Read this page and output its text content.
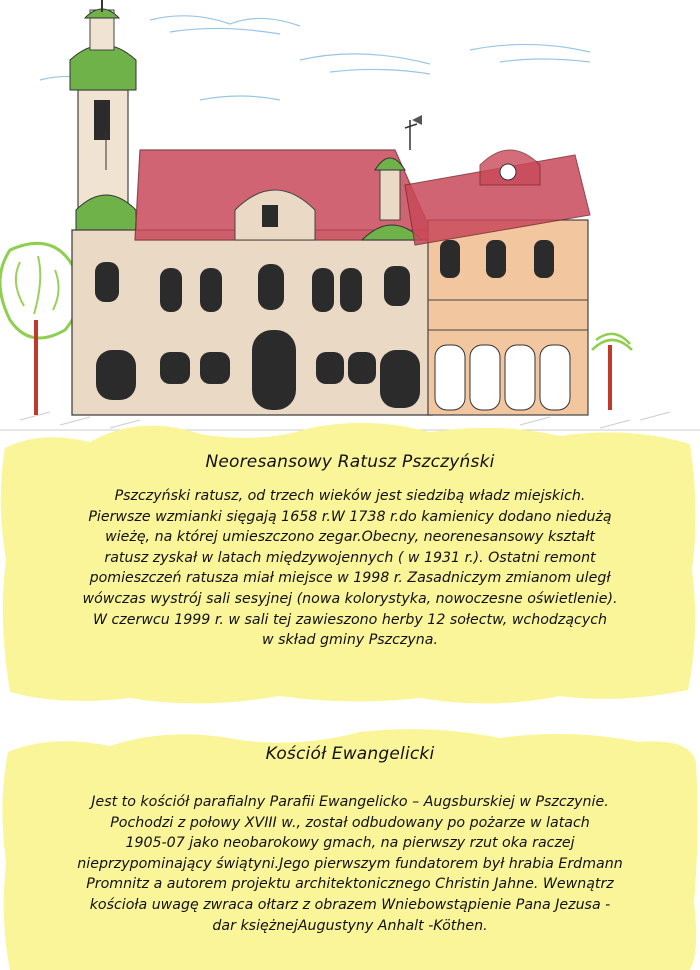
Neoresansowy Ratusz Pszczyński
Pszczyński ratusz, od trzech wieków jest siedzibą władz miejskich.
Pierwsze wzmianki sięgają 1658 r.W 1738 r.do kamienicy dodano niedużą
wieżę, na której umieszczono zegar.Obecny, neorenesansowy kształt
ratusz zyskał w latach międzywojennych ( w 1931 r.). Ostatni remont
pomieszczeń ratusza miał miejsce w 1998 r. Zasadniczym zmianom uległ
wówczas wystrój sali sesyjnej (nowa kolorystyka, nowoczesne oświetlenie).
W czerwcu 1999 r. w sali tej zawieszono herby 12 sołectw, wchodzących
w skład gminy Pszczyna.
Kościół Ewangelicki
Jest to kościół parafialny Parafii Ewangelicko – Augsburskiej w Pszczynie.
Pochodzi z połowy XVIII w., został odbudowany po pożarze w latach
1905-07 jako neobarokowy gmach, na pierwszy rzut oka raczej
nieprzypominający świątyni.Jego pierwszym fundatorem był hrabia Erdmann
Promnitz a autorem projektu architektonicznego Christin Jahne. Wewnątrz
kościoła uwagę zwraca ołtarz z obrazem Wniebowstąpienie Pana Jezusa -
dar księżnejAugustyny Anhalt -Köthen.
